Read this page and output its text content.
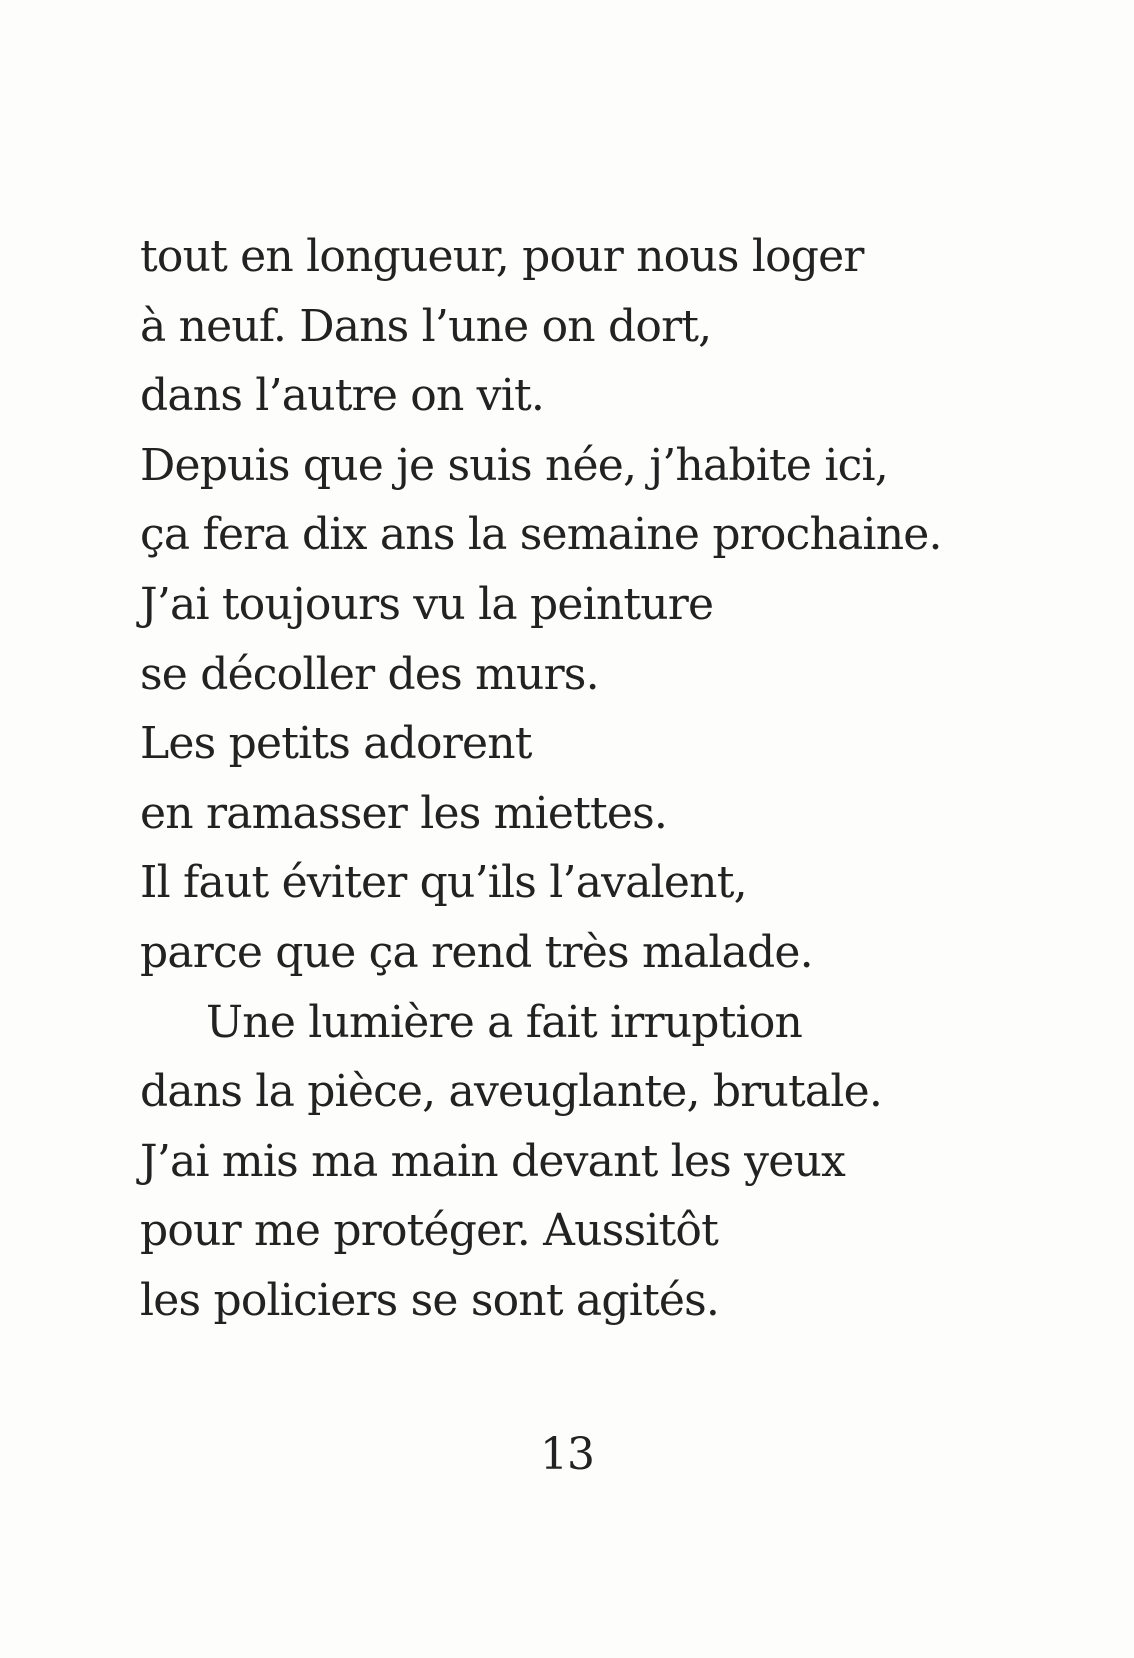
tout en longueur, pour nous loger
à neuf. Dans l’une on dort,
dans l’autre on vit.
Depuis que je suis née, j’habite ici,
ça fera dix ans la semaine prochaine.
J’ai toujours vu la peinture
se décoller des murs.
Les petits adorent
en ramasser les miettes.
Il faut éviter qu’ils l’avalent,
parce que ça rend très malade.
Une lumière a fait irruption
dans la pièce, aveuglante, brutale.
J’ai mis ma main devant les yeux
pour me protéger. Aussitôt
les policiers se sont agités.
13
